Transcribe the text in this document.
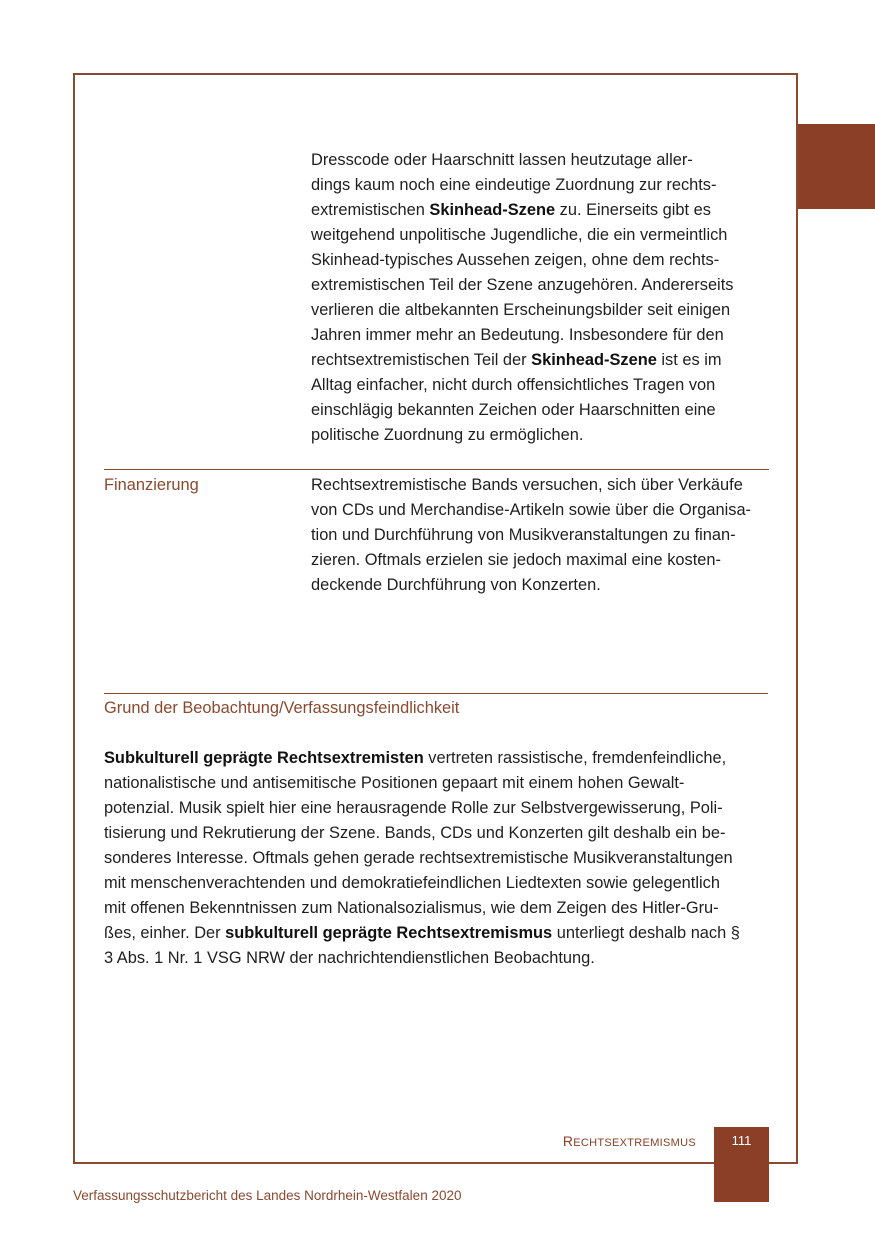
Dresscode oder Haarschnitt lassen heutzutage aller-
dings kaum noch eine eindeutige Zuordnung zur rechts-
extremistischen Skinhead-Szene zu. Einerseits gibt es
weitgehend unpolitische Jugendliche, die ein vermeintlich
Skinhead-typisches Aussehen zeigen, ohne dem rechts-
extremistischen Teil der Szene anzugehören. Andererseits
verlieren die altbekannten Erscheinungsbilder seit einigen
Jahren immer mehr an Bedeutung. Insbesondere für den
rechtsextremistischen Teil der Skinhead-Szene ist es im
Alltag einfacher, nicht durch offensichtliches Tragen von
einschlägig bekannten Zeichen oder Haarschnitten eine
politische Zuordnung zu ermöglichen.
Finanzierung	Rechtsextremistische Bands versuchen, sich über Verkäufe
von CDs und Merchandise-Artikeln sowie über die Organisa-
tion und Durchführung von Musikveranstaltungen zu finan-
zieren. Oftmals erzielen sie jedoch maximal eine kosten-
deckende Durchführung von Konzerten.
Grund der Beobachtung/Verfassungsfeindlichkeit
Subkulturell geprägte Rechtsextremisten vertreten rassistische, fremdenfeindliche,
nationalistische und antisemitische Positionen gepaart mit einem hohen Gewalt-
potenzial. Musik spielt hier eine herausragende Rolle zur Selbstvergewisserung, Poli-
tisierung und Rekrutierung der Szene. Bands, CDs und Konzerten gilt deshalb ein be-
sonderes Interesse. Oftmals gehen gerade rechtsextremistische Musikveranstaltungen
mit menschenverachtenden und demokratiefeindlichen Liedtexten sowie gelegentlich
mit offenen Bekenntnissen zum Nationalsozialismus, wie dem Zeigen des Hitler-Gru-
ßes, einher. Der subkulturell geprägte Rechtsextremismus unterliegt deshalb nach §
3 Abs. 1 Nr. 1 VSG NRW der nachrichtendienstlichen Beobachtung.
RECHTSEXTREMISMUS	111
Verfassungsschutzbericht des Landes Nordrhein-Westfalen 2020
